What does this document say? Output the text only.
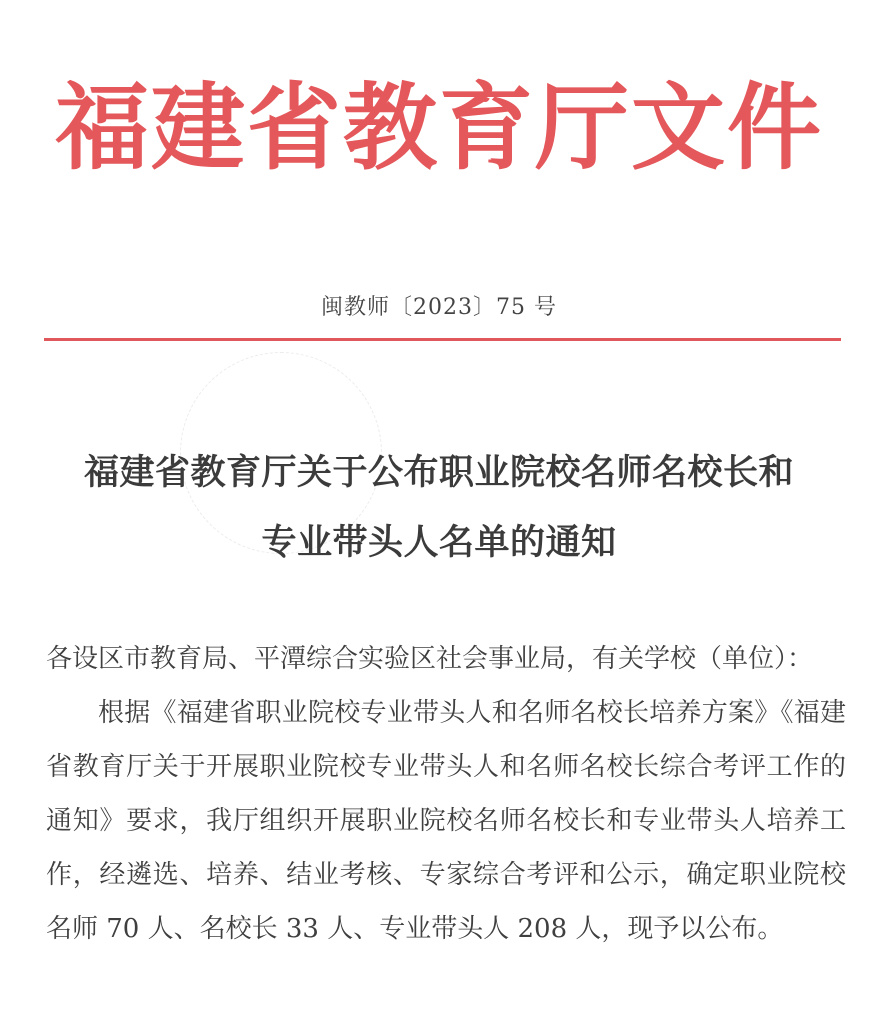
福建省教育厅文件
闽教师〔2023〕75 号
福建省教育厅关于公布职业院校名师名校长和
专业带头人名单的通知
各设区市教育局、平潭综合实验区社会事业局，有关学校（单位）：
根据《福建省职业院校专业带头人和名师名校长培养方案》《福建省教育厅关于开展职业院校专业带头人和名师名校长综合考评工作的通知》要求，我厅组织开展职业院校名师名校长和专业带头人培养工作，经遴选、培养、结业考核、专家综合考评和公示，确定职业院校名师 70 人、名校长 33 人、专业带头人 208 人，现予以公布。
